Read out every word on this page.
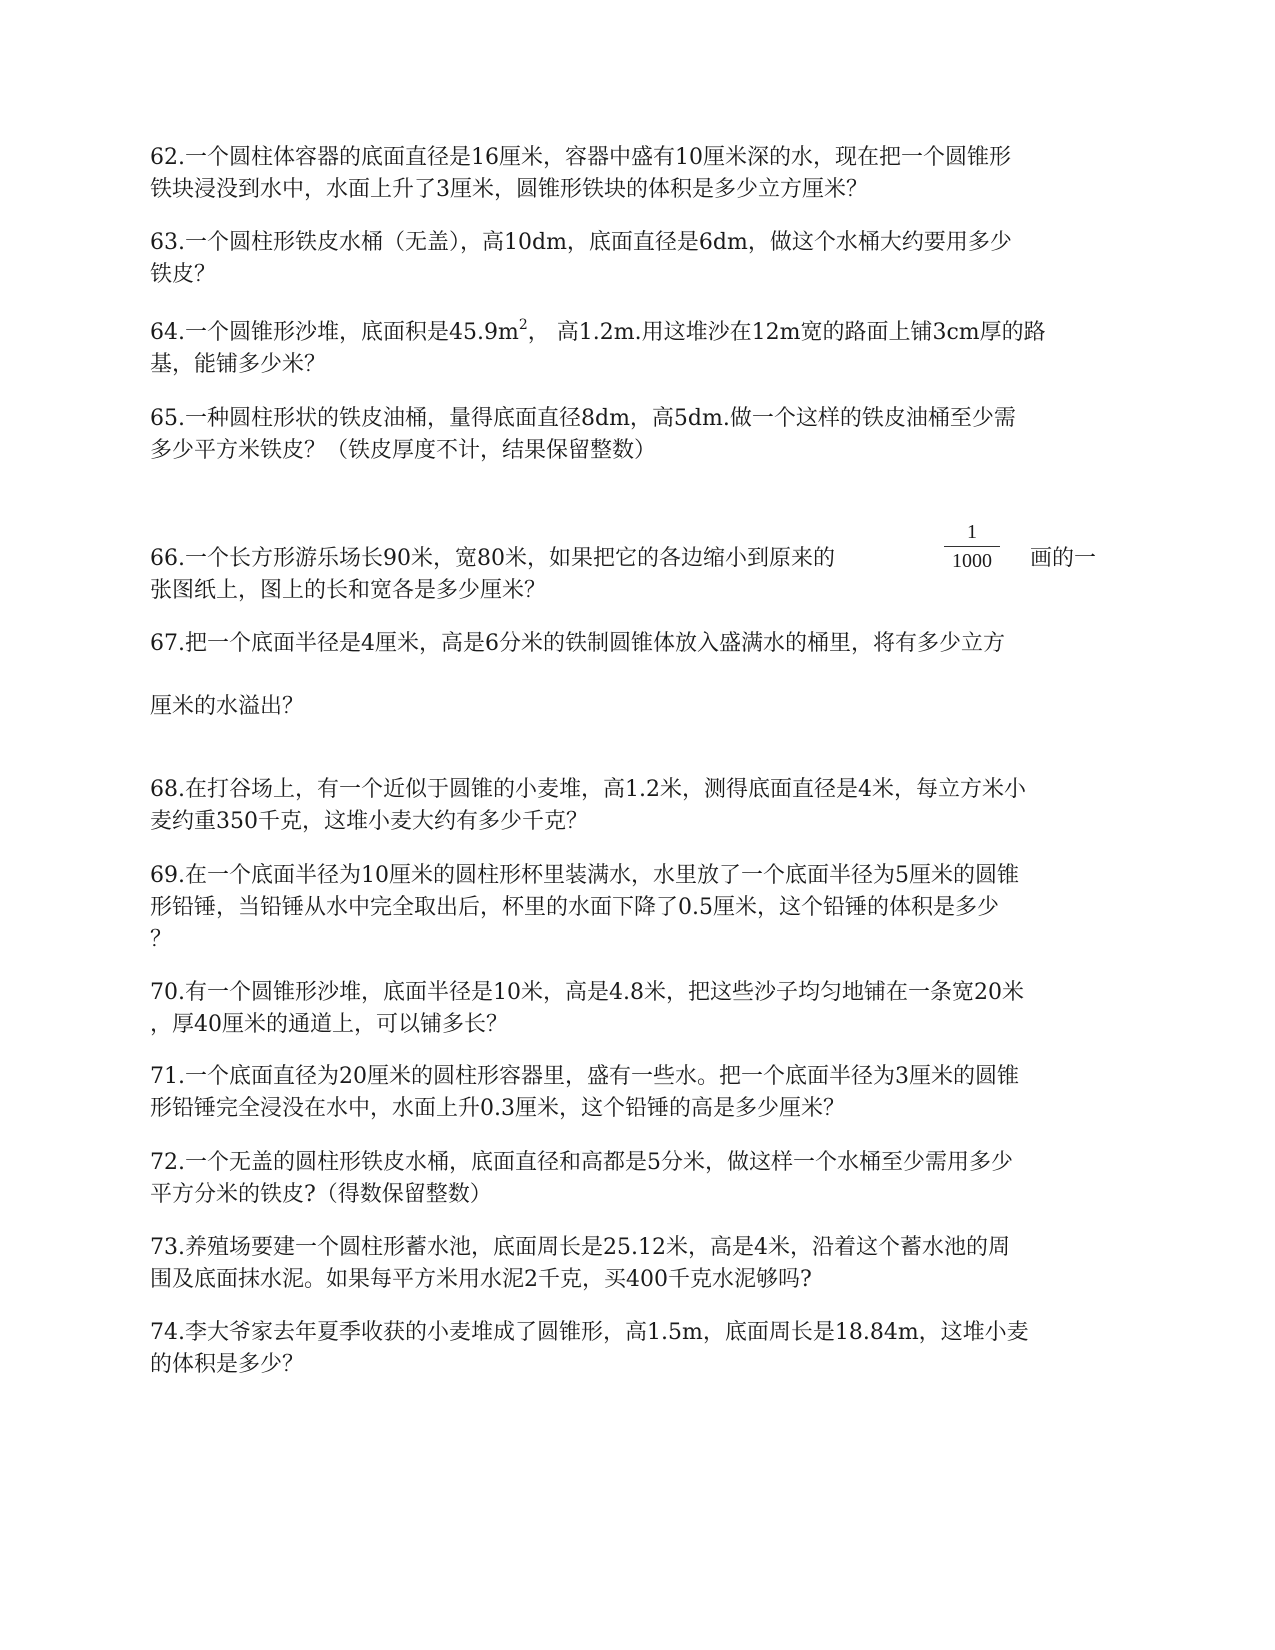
62.一个圆柱体容器的底面直径是16厘米，容器中盛有10厘米深的水，现在把一个圆锥形
铁块浸没到水中，水面上升了3厘米，圆锥形铁块的体积是多少立方厘米？
63.一个圆柱形铁皮水桶（无盖），高10dm，底面直径是6dm，做这个水桶大约要用多少
铁皮？
64.一个圆锥形沙堆，底面积是$45.9m^2$， 高1.2m.用这堆沙在12m宽的路面上铺3cm厚的路
基，能铺多少米？
65.一种圆柱形状的铁皮油桶，量得底面直径8dm，高5dm.做一个这样的铁皮油桶至少需
多少平方米铁皮？（铁皮厚度不计，结果保留整数）
66.一个长方形游乐场长90米，宽80米，如果把它的各边缩小到原来的
1
1000	画的一
张图纸上，图上的长和宽各是多少厘米？
67.把一个底面半径是4厘米，高是6分米的铁制圆锥体放入盛满水的桶里，将有多少立方
厘米的水溢出？
68.在打谷场上，有一个近似于圆锥的小麦堆，高1.2米，测得底面直径是4米，每立方米小
麦约重350千克，这堆小麦大约有多少千克？
69.在一个底面半径为10厘米的圆柱形杯里装满水，水里放了一个底面半径为5厘米的圆锥
形铅锤，当铅锤从水中完全取出后，杯里的水面下降了0.5厘米，这个铅锤的体积是多少
？
70.有一个圆锥形沙堆，底面半径是10米，高是4.8米，把这些沙子均匀地铺在一条宽20米
，厚40厘米的通道上，可以铺多长？
71.一个底面直径为20厘米的圆柱形容器里，盛有一些水。把一个底面半径为3厘米的圆锥
形铅锤完全浸没在水中，水面上升0.3厘米，这个铅锤的高是多少厘米？
72.一个无盖的圆柱形铁皮水桶，底面直径和高都是5分米，做这样一个水桶至少需用多少
平方分米的铁皮?（得数保留整数）
73.养殖场要建一个圆柱形蓄水池，底面周长是25.12米，高是4米，沿着这个蓄水池的周
围及底面抹水泥。如果每平方米用水泥2千克，买400千克水泥够吗?
74.李大爷家去年夏季收获的小麦堆成了圆锥形，高1.5m，底面周长是18.84m，这堆小麦
的体积是多少？
